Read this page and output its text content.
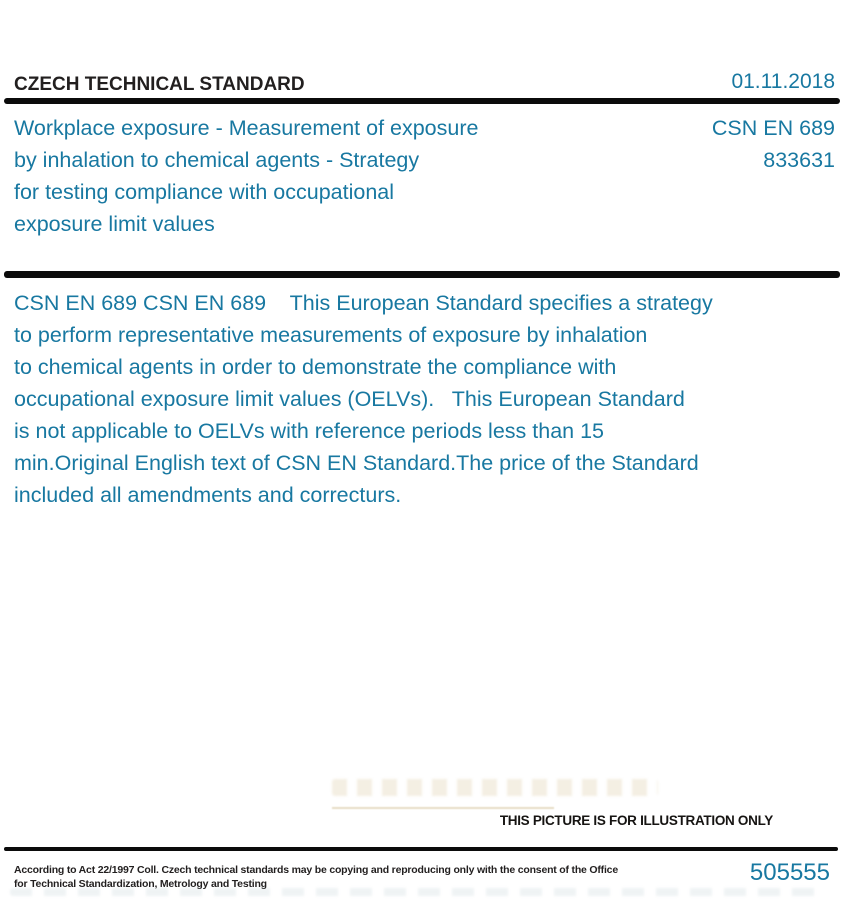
CZECH TECHNICAL STANDARD	01.11.2018
Workplace exposure - Measurement of exposure
by inhalation to chemical agents - Strategy
for testing compliance with occupational
exposure limit values
CSN EN 689
833631
CSN EN 689 CSN EN 689    This European Standard specifies a strategy
to perform representative measurements of exposure by inhalation
to chemical agents in order to demonstrate the compliance with
occupational exposure limit values (OELVs).   This European Standard
is not applicable to OELVs with reference periods less than 15
min.Original English text of CSN EN Standard.The price of the Standard
included all amendments and correcturs.
THIS PICTURE IS FOR ILLUSTRATION ONLY
According to Act 22/1997 Coll. Czech technical standards may be copying and reproducing only with the consent of the Office
for Technical Standardization, Metrology and Testing	505555
